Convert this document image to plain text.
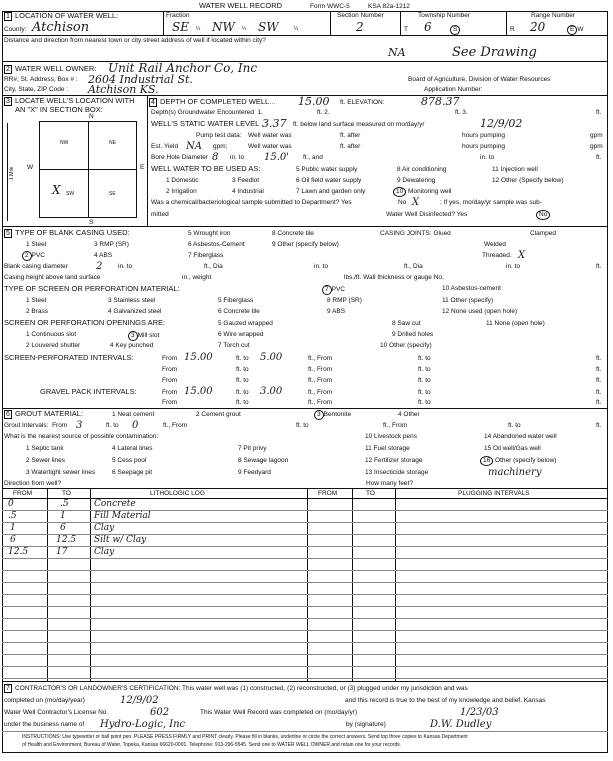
WATER WELL RECORD	Form WWC-5	KSA 82a-1212
1 LOCATION OF WATER WELL:
County: Atchison
Fraction
SE ¼ NW ¼ SW	¼
Section Number
2
Township Number
T 6	S
Range Number
R 20	E W
Distance and direction from nearest town or city street address of well if located within city?
NA	See Drawing
2 WATER WELL OWNER: Unit Rail Anchor Co, Inc
RR#, St. Address, Box # : 2604 Industrial St.
City, State, ZIP Code : Atchison KS.
Board of Agriculture, Division of Water Resources
Application Number:
3 LOCATE WELL'S LOCATION WITH
AN "X" IN SECTION BOX:
N
S
W	E
1 Mile
NW	NE
SW	SE
X
4 DEPTH OF COMPLETED WELL... 15.00 ft. ELEVATION:	878.37
Depth(s) Groundwater Encountered 1.	ft. 2.	ft. 3.	ft.
WELL'S STATIC WATER LEVEL 3.37 ft. below land surface measured on mo/day/yr	12/9/02
Pump test data: Well water was	ft. after	hours pumping	gpm
Est. Yield NA gpm:	Well water was	ft. after	hours pumping	gpm
Bore Hole Diameter 8 in. to 15.0' ft., and	in. to	ft.
WELL WATER TO BE USED AS:	5 Public water supply	8 Air conditioning	11 Injection well
1 Domestic	3 Feedlot	6 Oil field water supply	9 Dewatering	12 Other (Specify below)
2 Irrigation	4 Industrial	7 Lawn and garden only	10 Monitoring well
Was a chemical/bacteriological sample submitted to Department? Yes	No X	; If yes, mo/day/yr sample was sub-
mitted	Water Well Disinfected? Yes	No
5 TYPE OF BLANK CASING USED:	5 Wrought iron	8 Concrete tile	CASING JOINTS: Glued	Clamped
1 Steel	3 RMP (SR)	6 Asbestos-Cement	9 Other (specify below)	Welded
2 PVC	4 ABS	7 Fiberglass	Threaded. X
Blank casing diameter	2 in. to	ft., Dia	in. to	ft., Dia	in. to	ft.
Casing height above land surface	in., weight	lbs./ft. Wall thickness or gauge No.
TYPE OF SCREEN OR PERFORATION MATERIAL:	7 PVC	10 Asbestos-cement
1 Steel	3 Stainless steel	5 Fiberglass	8 RMP (SR)	11 Other (specify)
2 Brass	4 Galvanized steel	6 Concrete tile	9 ABS	12 None used (open hole)
SCREEN OR PERFORATION OPENINGS ARE:	5 Gauzed wrapped	8 Saw cut	11 None (open hole)
1 Continuous slot	3 Mill slot	6 Wire wrapped	9 Drilled holes
2 Louvered shutter	4 Key punched	7 Torch cut	10 Other (specify)
SCREEN-PERFORATED INTERVALS:	From 15.00	ft. to 5.00	ft., From	ft. to	ft.
From	ft. to	ft., From	ft. to	ft.
From	ft. to	ft., From	ft. to	ft.
GRAVEL PACK INTERVALS:	From 15.00	ft. to 3.00	ft., From	ft. to	ft.
From	ft. to	ft., From	ft. to	ft.
6 GROUT MATERIAL:	1 Neat cement	2 Cement grout	3 Bentonite	4 Other
Grout Intervals: From 3	ft. to 0	ft., From	ft. to	ft., From	ft. to	ft.
What is the nearest source of possible contamination:	10 Livestock pens	14 Abandoned water well
1 Septic tank	4 Lateral lines	7 Pit privy	11 Fuel storage	15 Oil well/Gas well
2 Sewer lines	5 Cess pool	8 Sewage lagoon	12 Fertilizer storage	16 Other (specify below)
3 Watertight sewer lines	6 Seepage pit	9 Feedyard	13 Insecticide storage	machinery
Direction from well?	How many feet?
FROM	TO	LITHOLOGIC LOG	FROM	TO	PLUGGING INTERVALS
0	.5	Concrete
.5	1	Fill Material
1	6	Clay
6	12.5 Silt w/ Clay
12.5	17	Clay
7 CONTRACTOR'S OR LANDOWNER'S CERTIFICATION: This water well was (1) constructed, (2) reconstructed, or (3) plugged under my jurisdiction and was
completed on (mo/day/year)	12/9/02	and this record is true to the best of my knowledge and belief. Kansas
Water Well Contractor's License No.	602	This Water Well Record was completed on (mo/day/yr)	1/23/03
under the business name of Hydro-Logic, Inc	by (signature)	D.W. Dudley
INSTRUCTIONS: Use typewriter or ball point pen. PLEASE PRESS FIRMLY and PRINT clearly. Please fill in blanks, underline or circle the correct answers. Send top three copies to Kansas Department
of Health and Environment, Bureau of Water, Topeka, Kansas 66620-0001. Telephone: 913-296-5545. Send one to WATER WELL OWNER and retain one for your records.
